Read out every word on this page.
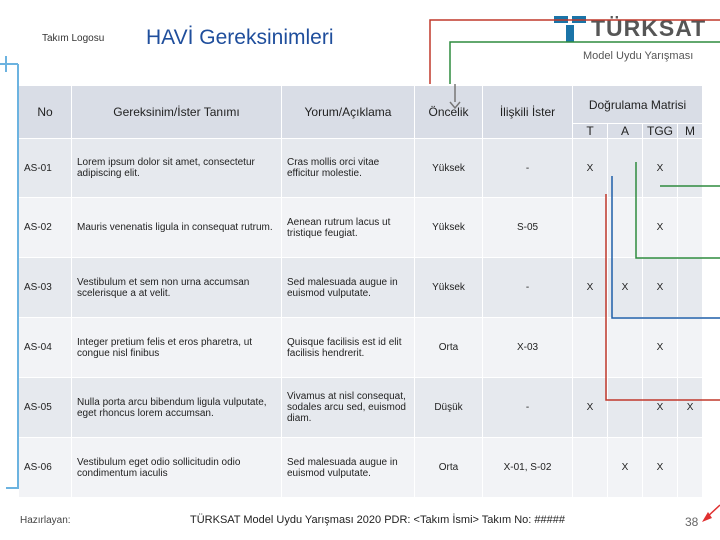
Takım Logosu HAVİ Gereksinimleri	TÜRKSAT
Model Uydu Yarışması
No	Gereksinim/İster Tanımı	Yorum/Açıklama	Öncelik	İlişkili İster	Doğrulama Matrisi			
					T	A	TGG	M
AS-01	Lorem ipsum dolor sit amet, consectetur adipiscing elit.	Cras mollis orci vitae efficitur molestie.	Yüksek	-	X		X	
AS-02	Mauris venenatis ligula in consequat rutrum.	Aenean rutrum lacus ut tristique feugiat.	Yüksek	S-05			X	
AS-03	Vestibulum et sem non urna accumsan scelerisque a at velit.	Sed malesuada augue in euismod vulputate.	Yüksek	-	X	X	X	
AS-04	Integer pretium felis et eros pharetra, ut congue nisl finibus	Quisque facilisis est id elit facilisis hendrerit.	Orta	X-03			X	
AS-05	Nulla porta arcu bibendum ligula vulputate, eget rhoncus lorem accumsan.	Vivamus at nisl consequat, sodales arcu sed, euismod diam.	Düşük	-	X		X	X
AS-06	Vestibulum eget odio sollicitudin odio condimentum iaculis	Sed malesuada augue in euismod vulputate.	Orta	X-01, S-02		X	X	
Hazırlayan:	TÜRKSAT Model Uydu Yarışması 2020 PDR: <Takım İsmi> Takım No: #####	38
